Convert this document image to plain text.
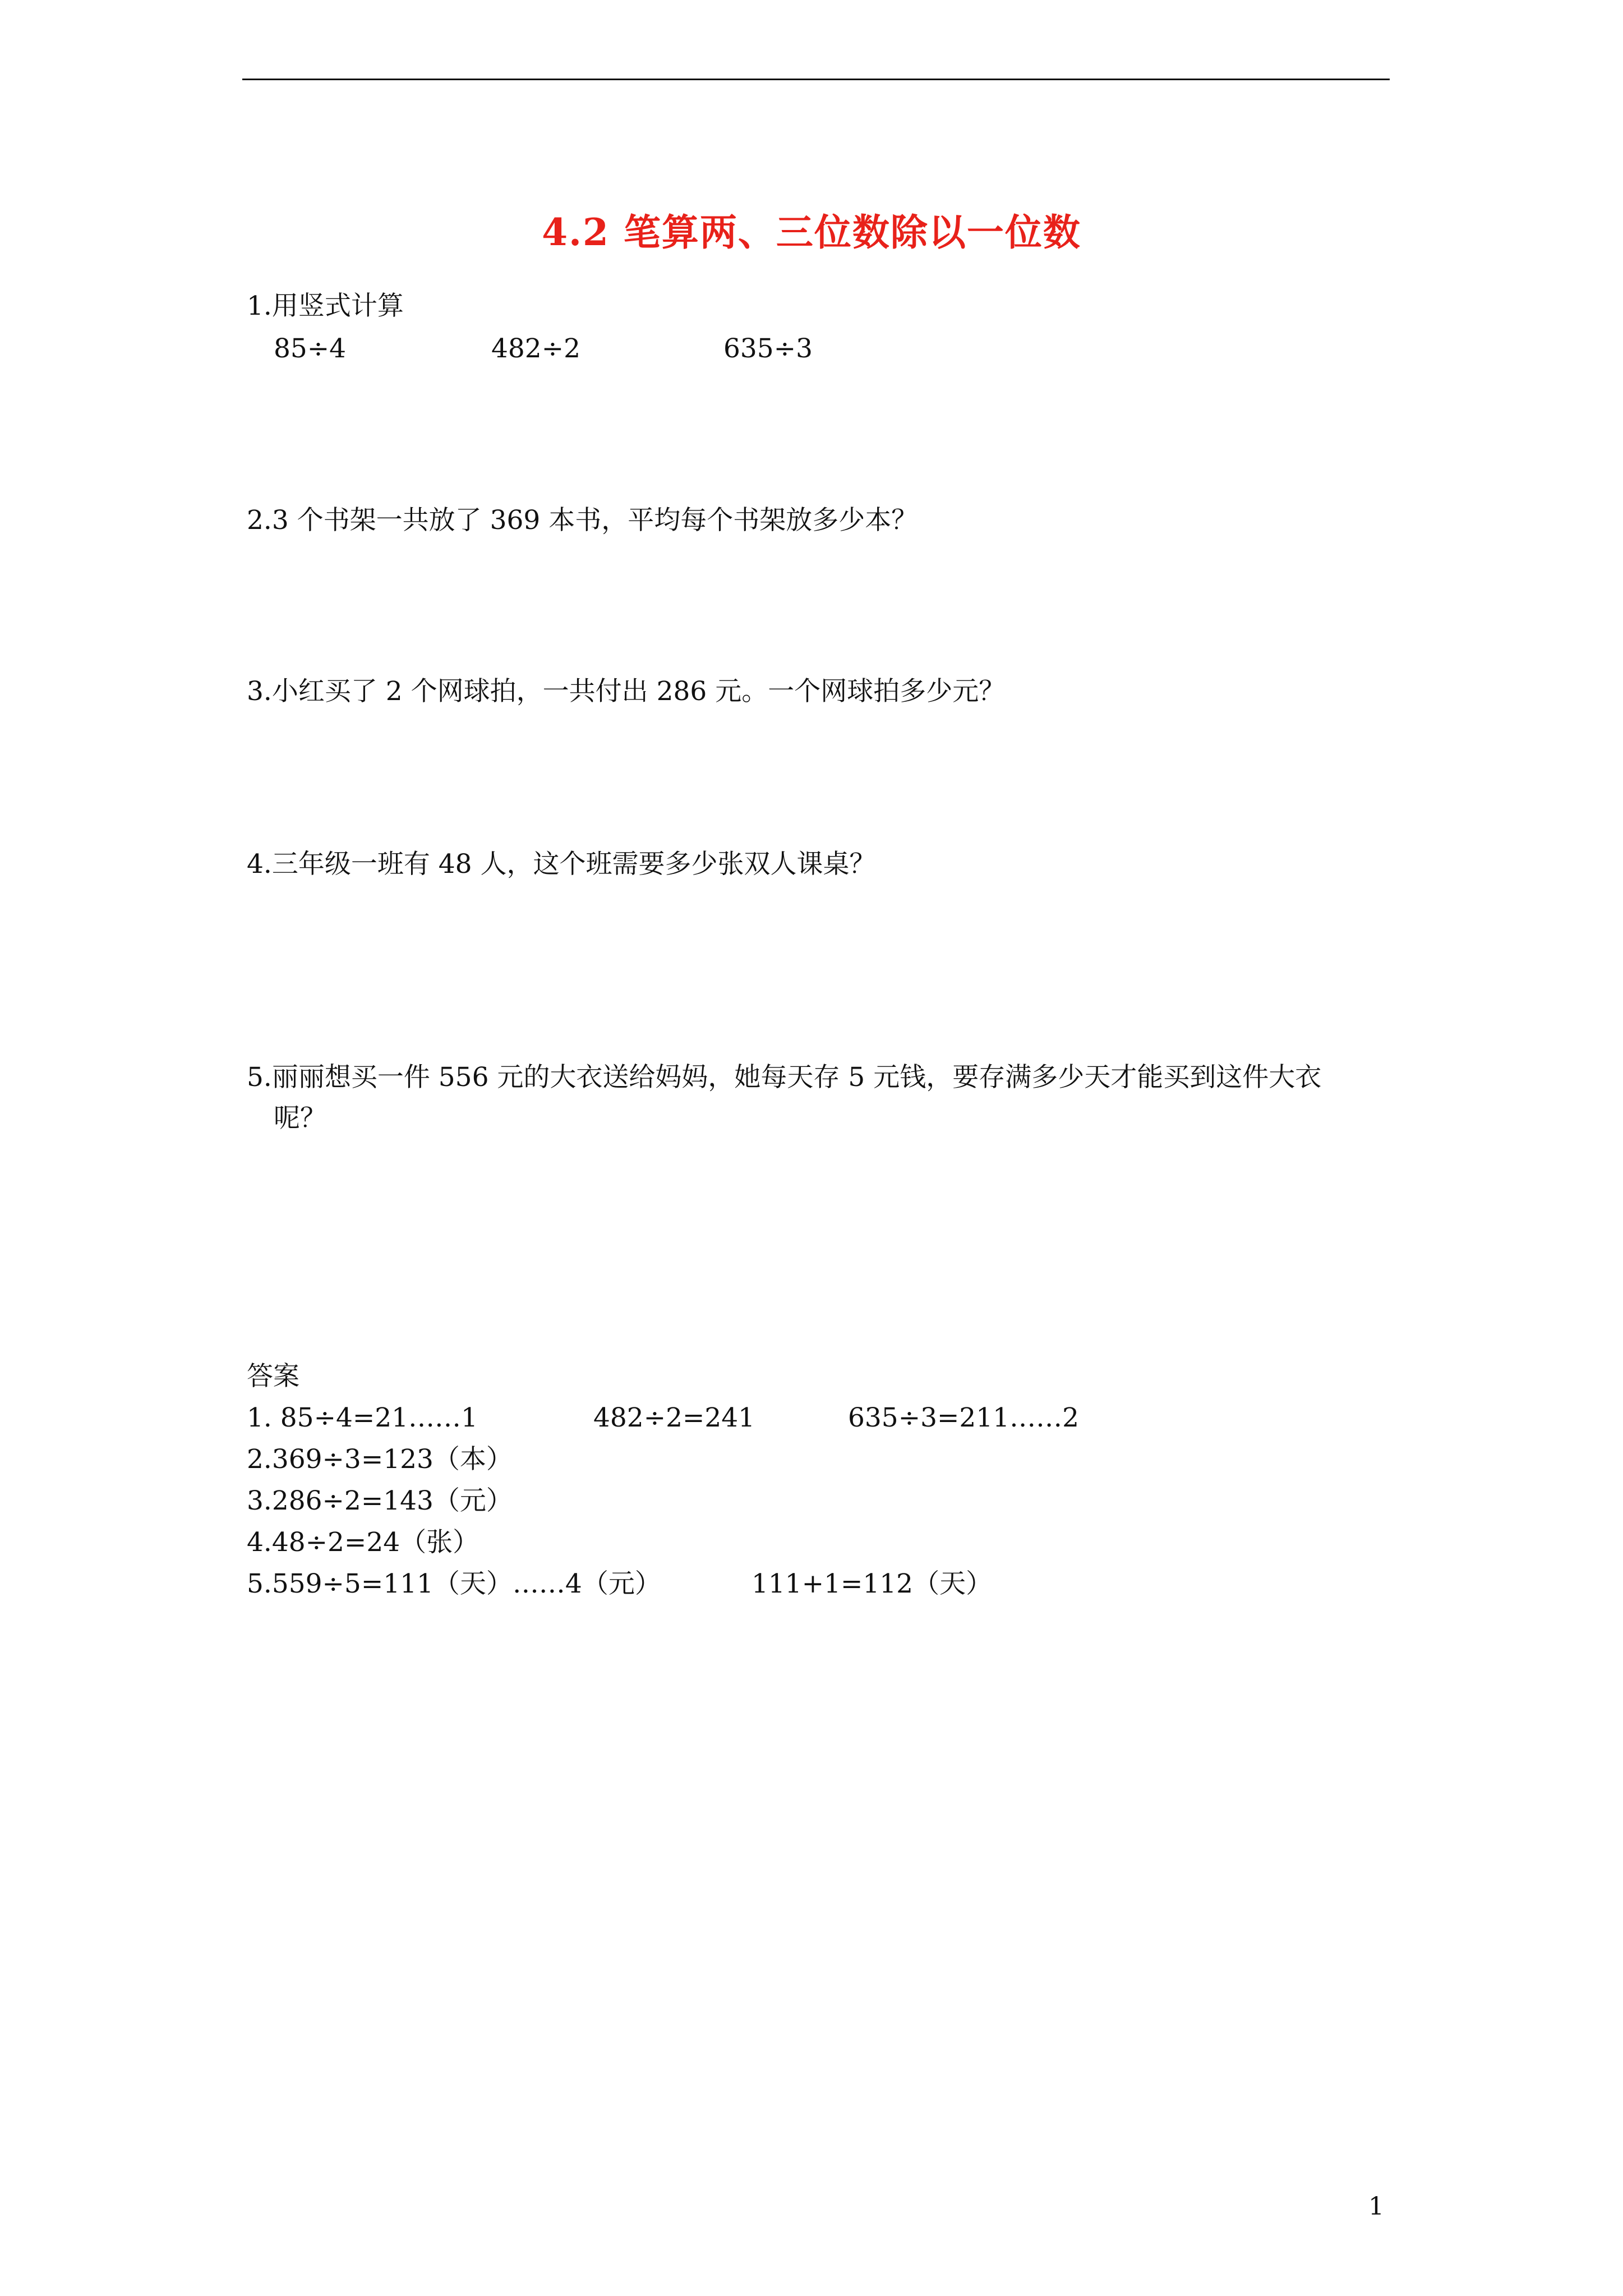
4.2 笔算两、三位数除以一位数
1.用竖式计算
85÷4	482÷2	635÷3
2.3 个书架一共放了 369 本书，平均每个书架放多少本？
3.小红买了 2 个网球拍，一共付出 286 元。一个网球拍多少元？
4.三年级一班有 48 人，这个班需要多少张双人课桌？
5.丽丽想买一件 556 元的大衣送给妈妈，她每天存 5 元钱，要存满多少天才能买到这件大衣
呢？
答案
1. 85÷4=21……1	482÷2=241	635÷3=211……2
2.369÷3=123（本）
3.286÷2=143（元）
4.48÷2=24（张）
5.559÷5=111（天）……4（元）	111+1=112（天）
1
